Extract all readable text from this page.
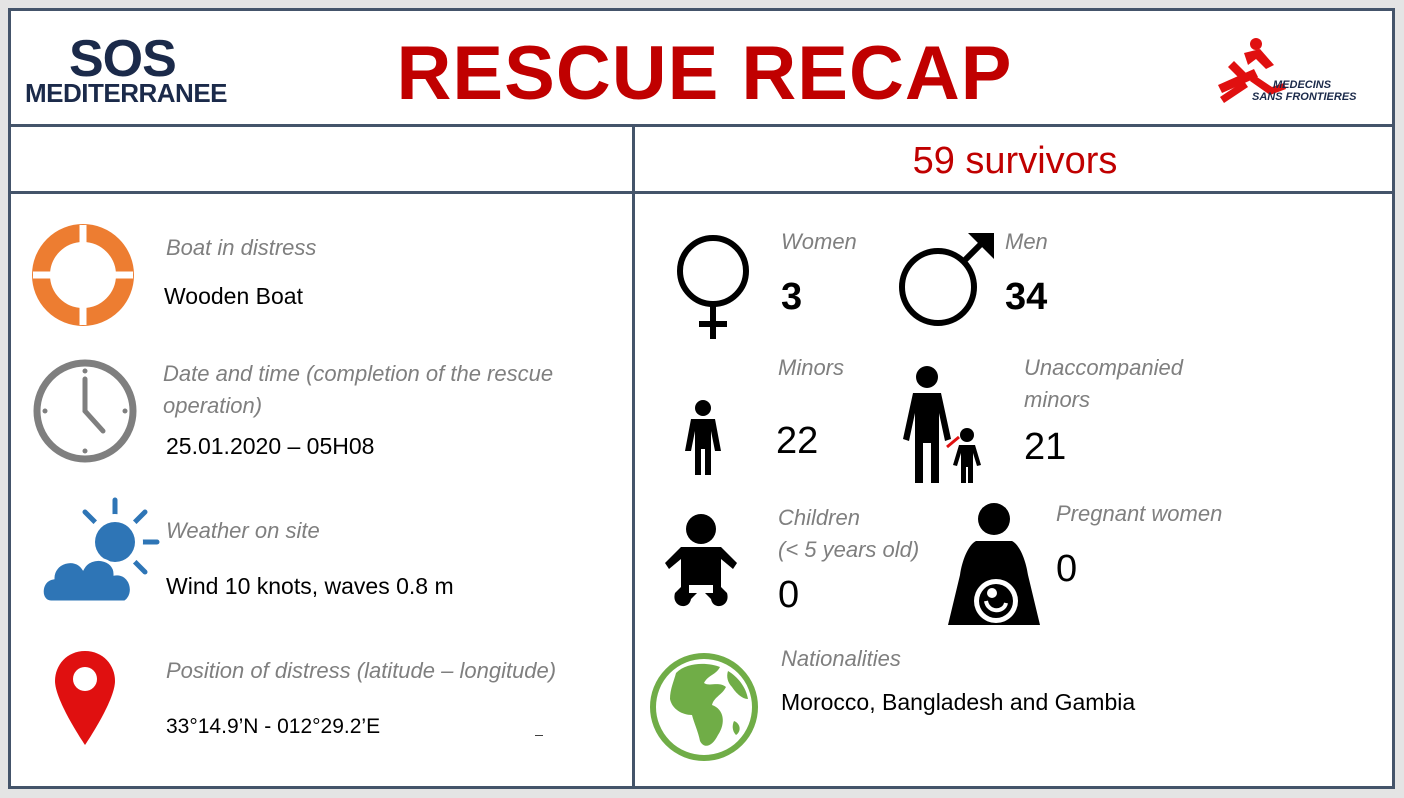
SOS
MEDITERRANEE	RESCUE RECAP	MEDECINS
SANS FRONTIERES
59 survivors
Boat in distress
Wooden Boat
Date and time (completion of the rescue
operation)
25.01.2020 – 05H08
Weather on site
Wind 10 knots, waves 0.8 m
Position of distress (latitude – longitude)
33°14.9’N - 012°29.2’E
Women
3
Men
34
Minors
22
Unaccompanied
minors
21
Children
(< 5 years old)
0
Pregnant women
0
Nationalities
Morocco, Bangladesh and Gambia
